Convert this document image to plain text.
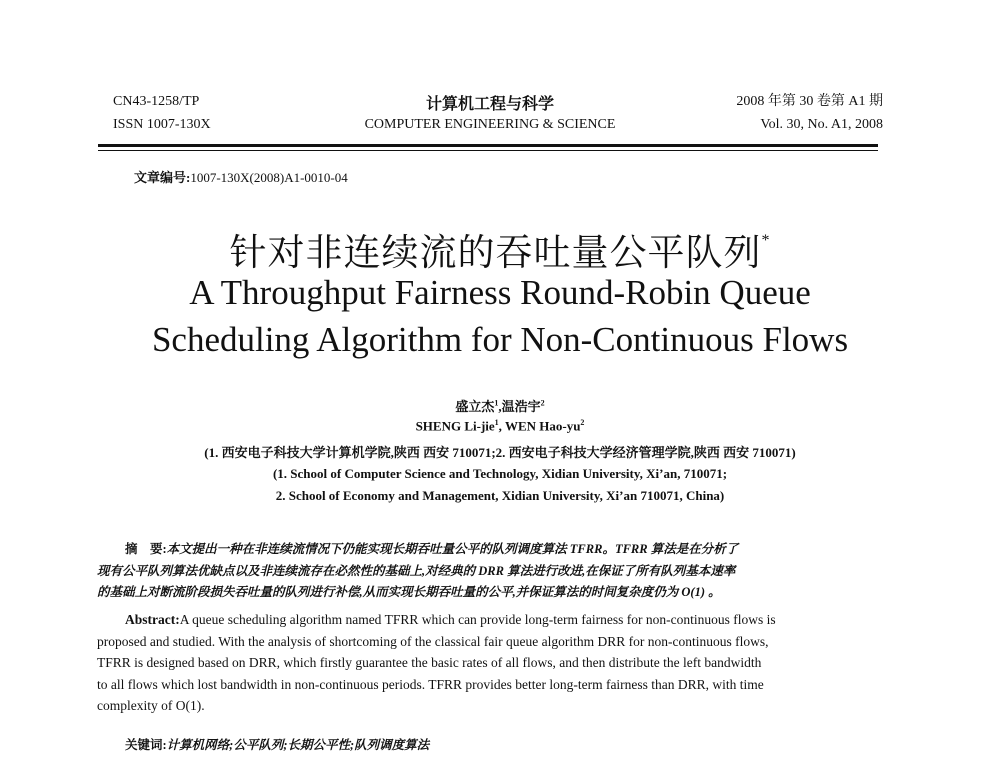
CN43-1258/TP
ISSN 1007-130X
计算机工程与科学
COMPUTER ENGINEERING & SCIENCE
2008 年第 30 卷第 A1 期
Vol. 30, No. A1, 2008
文章编号:1007-130X(2008)A1-0010-04
针对非连续流的吞吐量公平队列*
A Throughput Fairness Round-Robin Queue
Scheduling Algorithm for Non-Continuous Flows
盛立杰$^1$,温浩宇$^2$
SHENG Li-jie$^1$, WEN Hao-$yu^2$
(1. 西安电子科技大学计算机学院,陕西 西安 710071;2. 西安电子科技大学经济管理学院,陕西 西安 710071)
(1. School of Computer Science and Technology, Xidian University, Xi’an, 710071;
2. School of Economy and Management, Xidian University, Xi’an 710071, China)
摘　要:本文提出一种在非连续流情况下仍能实现长期吞吐量公平的队列调度算法 TFRR。TFRR 算法是在分析了
现有公平队列算法优缺点以及非连续流存在必然性的基础上,对经典的 DRR 算法进行改进,在保证了所有队列基本速率
的基础上对断流阶段损失吞吐量的队列进行补偿,从而实现长期吞吐量的公平,并保证算法的时间复杂度仍为 O(1) 。
Abstract:A queue scheduling algorithm named TFRR which can provide long-term fairness for non-continuous flows is
proposed and studied. With the analysis of shortcoming of the classical fair queue algorithm DRR for non-continuous flows,
TFRR is designed based on DRR, which firstly guarantee the basic rates of all flows, and then distribute the left bandwidth
to all flows which lost bandwidth in non-continuous periods. TFRR provides better long-term fairness than DRR, with time
complexity of O(1).
关键词:计算机网络;公平队列;长期公平性;队列调度算法
